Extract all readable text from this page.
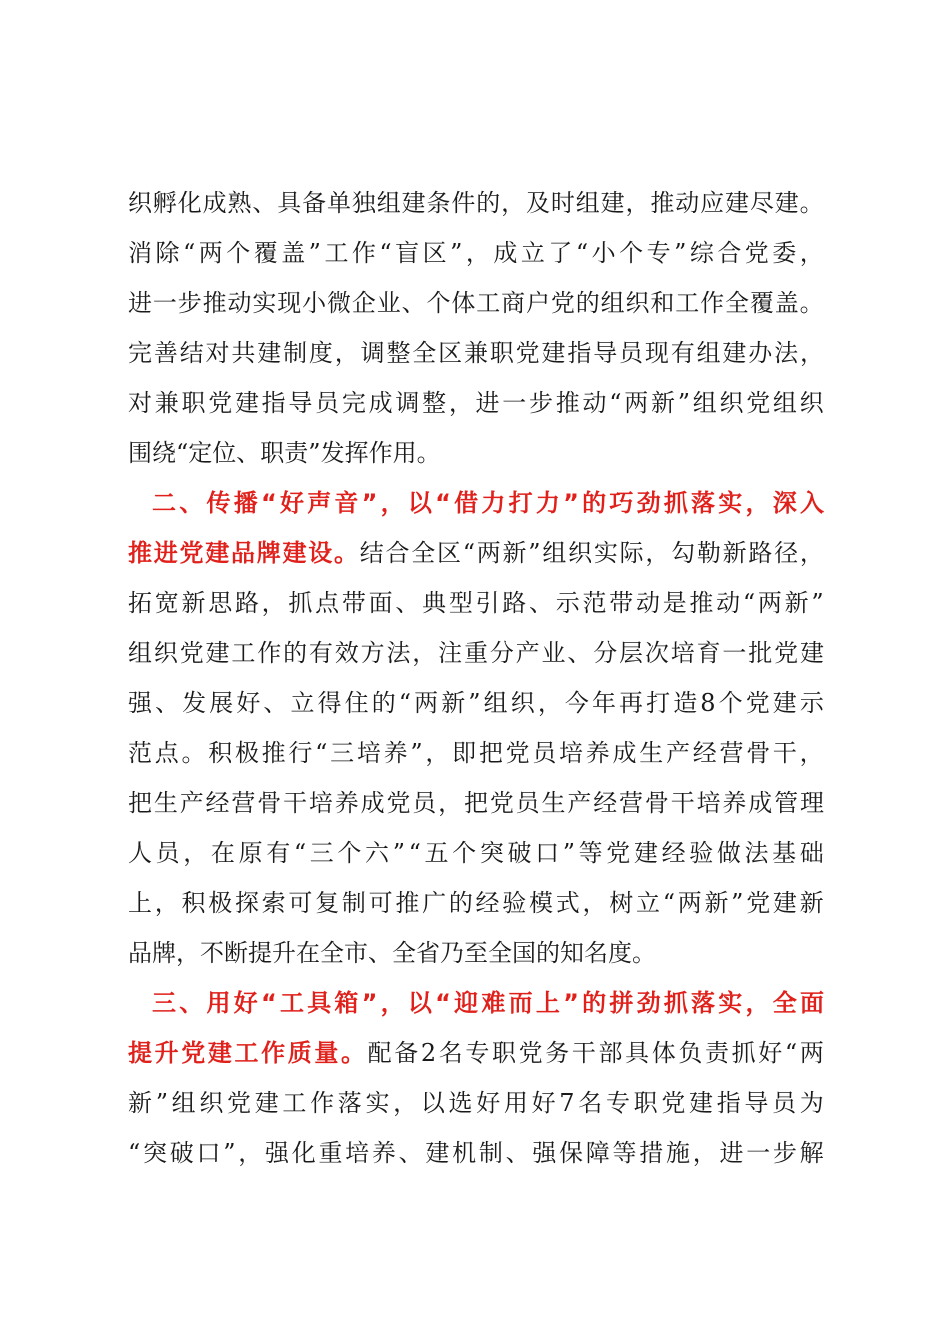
织 孵 化 成 熟 、 具 备 单 独 组 建 条 件 的 ， 及 时 组 建 ， 推 动 应 建 尽 建 。
消 除 “ 两 个 覆 盖 ” 工 作 “ 盲 区 ” ， 成 立 了 “ 小 个 专 ” 综 合 党 委 ，
进 一 步 推 动 实 现 小 微 企 业 、 个 体 工 商 户 党 的 组 织 和 工 作 全 覆 盖 。
完 善 结 对 共 建 制 度 ， 调 整 全 区 兼 职 党 建 指 导 员 现 有 组 建 办 法 ，
对 兼 职 党 建 指 导 员 完 成 调 整 ， 进 一 步 推 动 “ 两 新 ” 组 织 党 组 织
围 绕 “ 定 位 、 职 责 ” 发 挥 作 用 。
二 、 传 播 “ 好 声 音 ” ， 以 “ 借 力 打 力 ” 的 巧 劲 抓 落 实 ， 深 入
推 进 党 建 品 牌 建 设 。 结 合 全 区 “ 两 新 ” 组 织 实 际 ， 勾 勒 新 路 径 ，
拓 宽 新 思 路 ， 抓 点 带 面 、 典 型 引 路 、 示 范 带 动 是 推 动 “ 两 新 ”
组 织 党 建 工 作 的 有 效 方 法 ， 注 重 分 产 业 、 分 层 次 培 育 一 批 党 建
强 、 发 展 好 、 立 得 住 的 “ 两 新 ” 组 织 ， 今 年 再 打 造 8 个 党 建 示
范 点 。 积 极 推 行 “ 三 培 养 ” ， 即 把 党 员 培 养 成 生 产 经 营 骨 干 ，
把 生 产 经 营 骨 干 培 养 成 党 员 ， 把 党 员 生 产 经 营 骨 干 培 养 成 管 理
人 员 ， 在 原 有 “ 三 个 六 ” “ 五 个 突 破 口 ” 等 党 建 经 验 做 法 基 础
上 ， 积 极 探 索 可 复 制 可 推 广 的 经 验 模 式 ， 树 立 “ 两 新 ” 党 建 新
品 牌 ， 不 断 提 升 在 全 市 、 全 省 乃 至 全 国 的 知 名 度 。
三 、 用 好 “ 工 具 箱 ” ， 以 “ 迎 难 而 上 ” 的 拼 劲 抓 落 实 ， 全 面
提 升 党 建 工 作 质 量 。 配 备 2 名 专 职 党 务 干 部 具 体 负 责 抓 好 “ 两
新 ” 组 织 党 建 工 作 落 实 ， 以 选 好 用 好 7 名 专 职 党 建 指 导 员 为
“ 突 破 口 ” ， 强 化 重 培 养 、 建 机 制 、 强 保 障 等 措 施 ， 进 一 步 解
